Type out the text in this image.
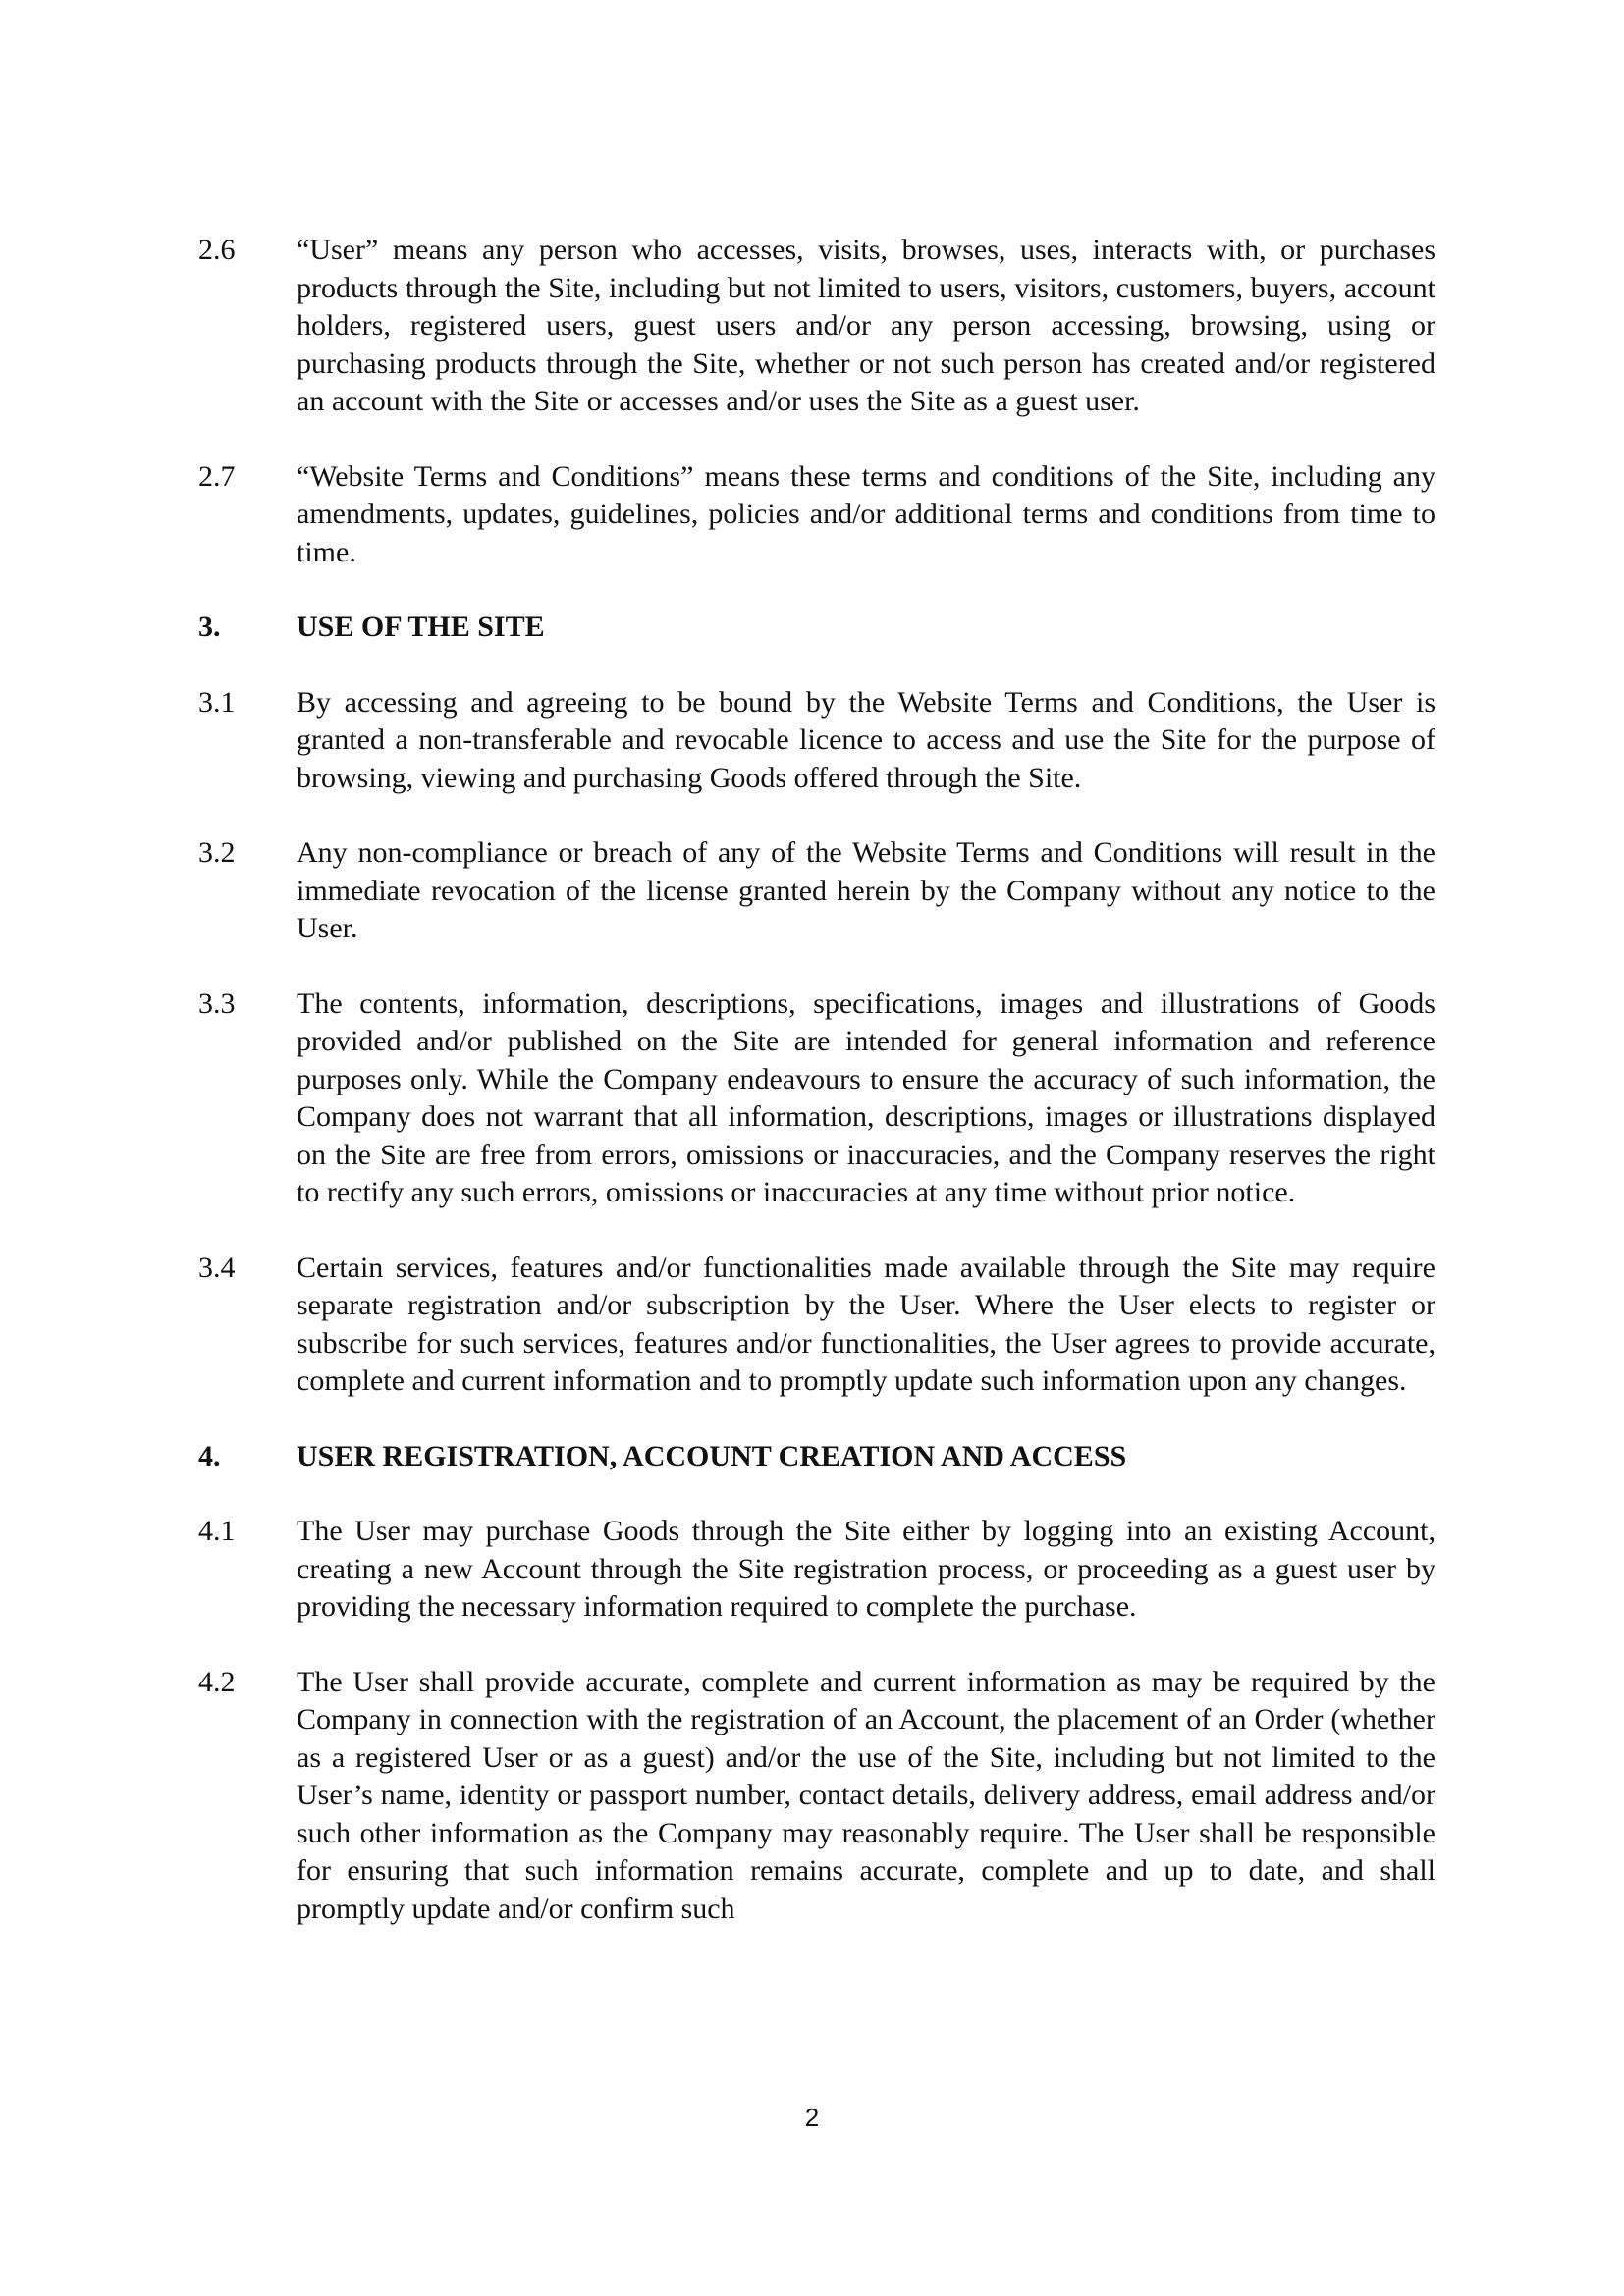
2.6	“User” means any person who accesses, visits, browses, uses, interacts with, or purchases products through the Site, including but not limited to users, visitors, customers, buyers, account holders, registered users, guest users and/or any person accessing, browsing, using or purchasing products through the Site, whether or not such person has created and/or registered an account with the Site or accesses and/or uses the Site as a guest user.
2.7	“Website Terms and Conditions” means these terms and conditions of the Site, including any amendments, updates, guidelines, policies and/or additional terms and conditions from time to time.
3.	USE OF THE SITE
3.1	By accessing and agreeing to be bound by the Website Terms and Conditions, the User is granted a non-transferable and revocable licence to access and use the Site for the purpose of browsing, viewing and purchasing Goods offered through the Site.
3.2	Any non-compliance or breach of any of the Website Terms and Conditions will result in the immediate revocation of the license granted herein by the Company without any notice to the User.
3.3	The contents, information, descriptions, specifications, images and illustrations of Goods provided and/or published on the Site are intended for general information and reference purposes only. While the Company endeavours to ensure the accuracy of such information, the Company does not warrant that all information, descriptions, images or illustrations displayed on the Site are free from errors, omissions or inaccuracies, and the Company reserves the right to rectify any such errors, omissions or inaccuracies at any time without prior notice.
3.4	Certain services, features and/or functionalities made available through the Site may require separate registration and/or subscription by the User. Where the User elects to register or subscribe for such services, features and/or functionalities, the User agrees to provide accurate, complete and current information and to promptly update such information upon any changes.
4.	USER REGISTRATION, ACCOUNT CREATION AND ACCESS
4.1	The User may purchase Goods through the Site either by logging into an existing Account, creating a new Account through the Site registration process, or proceeding as a guest user by providing the necessary information required to complete the purchase.
4.2	The User shall provide accurate, complete and current information as may be required by the Company in connection with the registration of an Account, the placement of an Order (whether as a registered User or as a guest) and/or the use of the Site, including but not limited to the User’s name, identity or passport number, contact details, delivery address, email address and/or such other information as the Company may reasonably require. The User shall be responsible for ensuring that such information remains accurate, complete and up to date, and shall promptly update and/or confirm such
2
